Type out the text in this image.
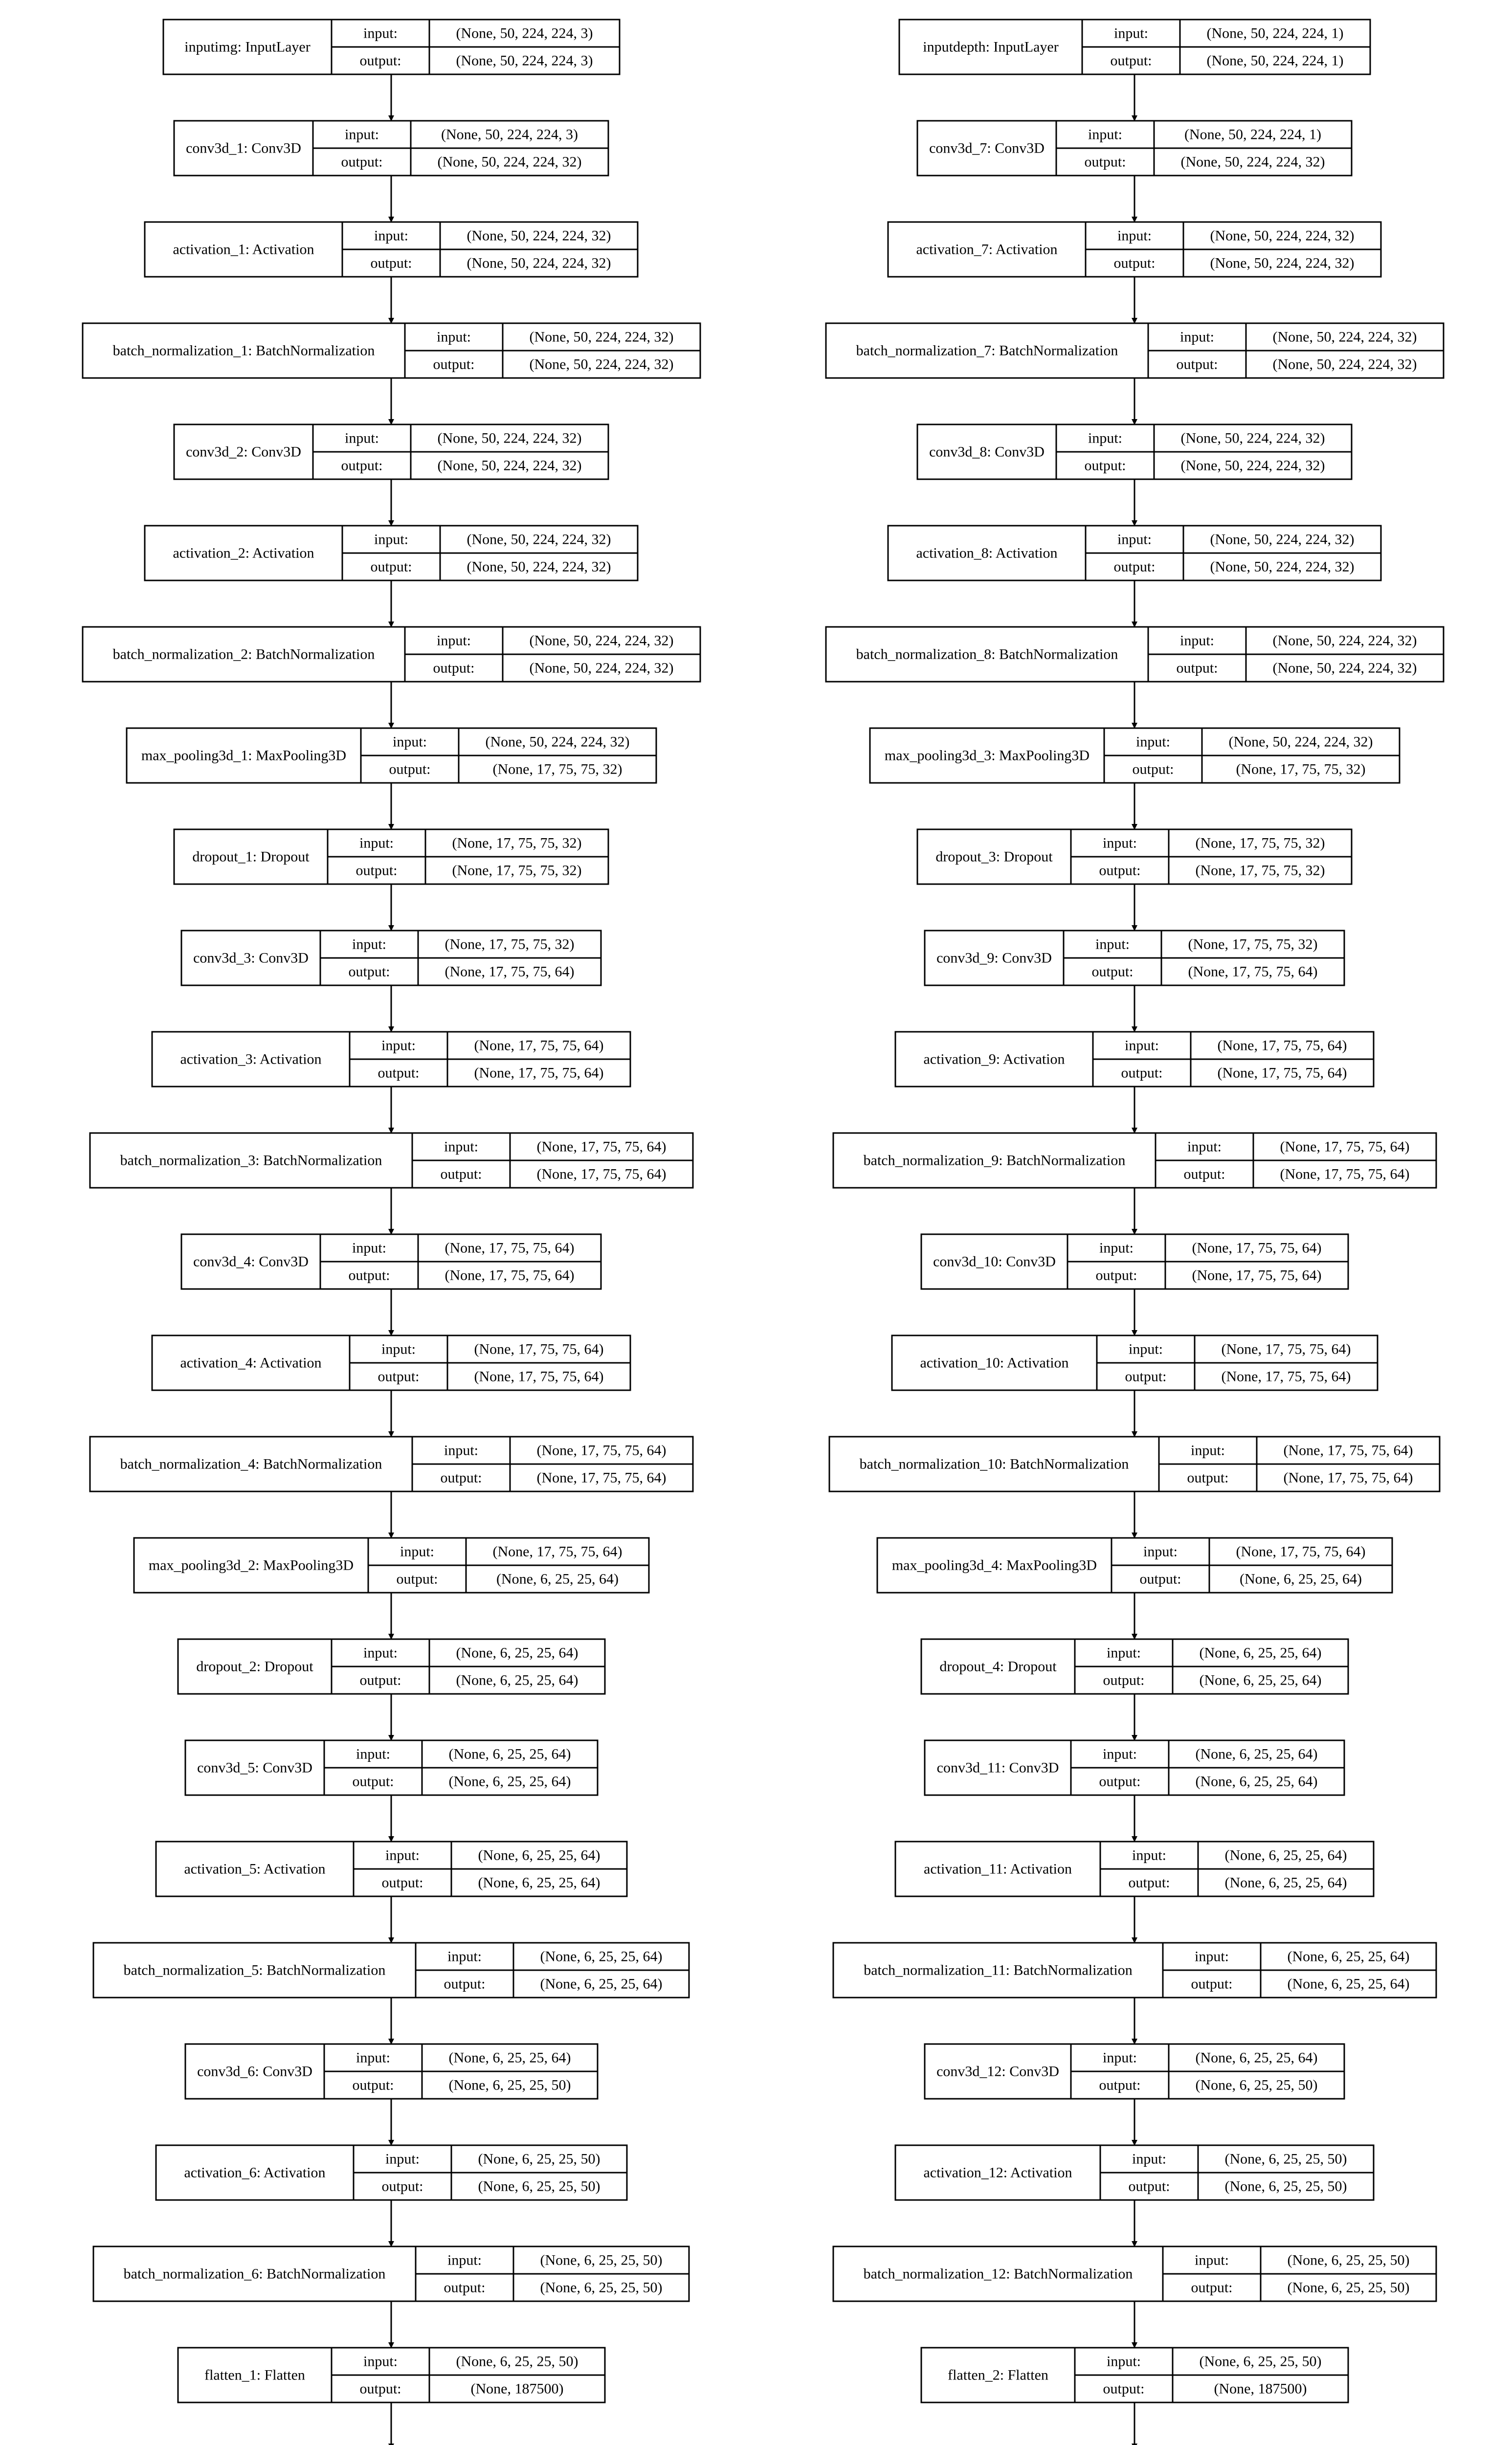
inputimg: InputLayer
input:
output:
(None, 50, 224, 224, 3)
(None, 50, 224, 224, 3)
conv3d_1: Conv3D
input:
output:
(None, 50, 224, 224, 3)
(None, 50, 224, 224, 32)
activation_1: Activation
input:
output:
(None, 50, 224, 224, 32)
(None, 50, 224, 224, 32)
batch_normalization_1: BatchNormalization
input:
output:
(None, 50, 224, 224, 32)
(None, 50, 224, 224, 32)
conv3d_2: Conv3D
input:
output:
(None, 50, 224, 224, 32)
(None, 50, 224, 224, 32)
activation_2: Activation
input:
output:
(None, 50, 224, 224, 32)
(None, 50, 224, 224, 32)
batch_normalization_2: BatchNormalization
input:
output:
(None, 50, 224, 224, 32)
(None, 50, 224, 224, 32)
max_pooling3d_1: MaxPooling3D
input:
output:
(None, 50, 224, 224, 32)
(None, 17, 75, 75, 32)
dropout_1: Dropout
input:
output:
(None, 17, 75, 75, 32)
(None, 17, 75, 75, 32)
conv3d_3: Conv3D
input:
output:
(None, 17, 75, 75, 32)
(None, 17, 75, 75, 64)
activation_3: Activation
input:
output:
(None, 17, 75, 75, 64)
(None, 17, 75, 75, 64)
batch_normalization_3: BatchNormalization
input:
output:
(None, 17, 75, 75, 64)
(None, 17, 75, 75, 64)
conv3d_4: Conv3D
input:
output:
(None, 17, 75, 75, 64)
(None, 17, 75, 75, 64)
activation_4: Activation
input:
output:
(None, 17, 75, 75, 64)
(None, 17, 75, 75, 64)
batch_normalization_4: BatchNormalization
input:
output:
(None, 17, 75, 75, 64)
(None, 17, 75, 75, 64)
max_pooling3d_2: MaxPooling3D
input:
output:
(None, 17, 75, 75, 64)
(None, 6, 25, 25, 64)
dropout_2: Dropout
input:
output:
(None, 6, 25, 25, 64)
(None, 6, 25, 25, 64)
conv3d_5: Conv3D
input:
output:
(None, 6, 25, 25, 64)
(None, 6, 25, 25, 64)
activation_5: Activation
input:
output:
(None, 6, 25, 25, 64)
(None, 6, 25, 25, 64)
batch_normalization_5: BatchNormalization
input:
output:
(None, 6, 25, 25, 64)
(None, 6, 25, 25, 64)
conv3d_6: Conv3D
input:
output:
(None, 6, 25, 25, 64)
(None, 6, 25, 25, 50)
activation_6: Activation
input:
output:
(None, 6, 25, 25, 50)
(None, 6, 25, 25, 50)
batch_normalization_6: BatchNormalization
input:
output:
(None, 6, 25, 25, 50)
(None, 6, 25, 25, 50)
flatten_1: Flatten
input:
output:
(None, 6, 25, 25, 50)
(None, 187500)
inputdepth: InputLayer
input:
output:
(None, 50, 224, 224, 1)
(None, 50, 224, 224, 1)
conv3d_7: Conv3D
input:
output:
(None, 50, 224, 224, 1)
(None, 50, 224, 224, 32)
activation_7: Activation
input:
output:
(None, 50, 224, 224, 32)
(None, 50, 224, 224, 32)
batch_normalization_7: BatchNormalization
input:
output:
(None, 50, 224, 224, 32)
(None, 50, 224, 224, 32)
conv3d_8: Conv3D
input:
output:
(None, 50, 224, 224, 32)
(None, 50, 224, 224, 32)
activation_8: Activation
input:
output:
(None, 50, 224, 224, 32)
(None, 50, 224, 224, 32)
batch_normalization_8: BatchNormalization
input:
output:
(None, 50, 224, 224, 32)
(None, 50, 224, 224, 32)
max_pooling3d_3: MaxPooling3D
input:
output:
(None, 50, 224, 224, 32)
(None, 17, 75, 75, 32)
dropout_3: Dropout
input:
output:
(None, 17, 75, 75, 32)
(None, 17, 75, 75, 32)
conv3d_9: Conv3D
input:
output:
(None, 17, 75, 75, 32)
(None, 17, 75, 75, 64)
activation_9: Activation
input:
output:
(None, 17, 75, 75, 64)
(None, 17, 75, 75, 64)
batch_normalization_9: BatchNormalization
input:
output:
(None, 17, 75, 75, 64)
(None, 17, 75, 75, 64)
conv3d_10: Conv3D
input:
output:
(None, 17, 75, 75, 64)
(None, 17, 75, 75, 64)
activation_10: Activation
input:
output:
(None, 17, 75, 75, 64)
(None, 17, 75, 75, 64)
batch_normalization_10: BatchNormalization
input:
output:
(None, 17, 75, 75, 64)
(None, 17, 75, 75, 64)
max_pooling3d_4: MaxPooling3D
input:
output:
(None, 17, 75, 75, 64)
(None, 6, 25, 25, 64)
dropout_4: Dropout
input:
output:
(None, 6, 25, 25, 64)
(None, 6, 25, 25, 64)
conv3d_11: Conv3D
input:
output:
(None, 6, 25, 25, 64)
(None, 6, 25, 25, 64)
activation_11: Activation
input:
output:
(None, 6, 25, 25, 64)
(None, 6, 25, 25, 64)
batch_normalization_11: BatchNormalization
input:
output:
(None, 6, 25, 25, 64)
(None, 6, 25, 25, 64)
conv3d_12: Conv3D
input:
output:
(None, 6, 25, 25, 64)
(None, 6, 25, 25, 50)
activation_12: Activation
input:
output:
(None, 6, 25, 25, 50)
(None, 6, 25, 25, 50)
batch_normalization_12: BatchNormalization
input:
output:
(None, 6, 25, 25, 50)
(None, 6, 25, 25, 50)
flatten_2: Flatten
input:
output:
(None, 6, 25, 25, 50)
(None, 187500)
